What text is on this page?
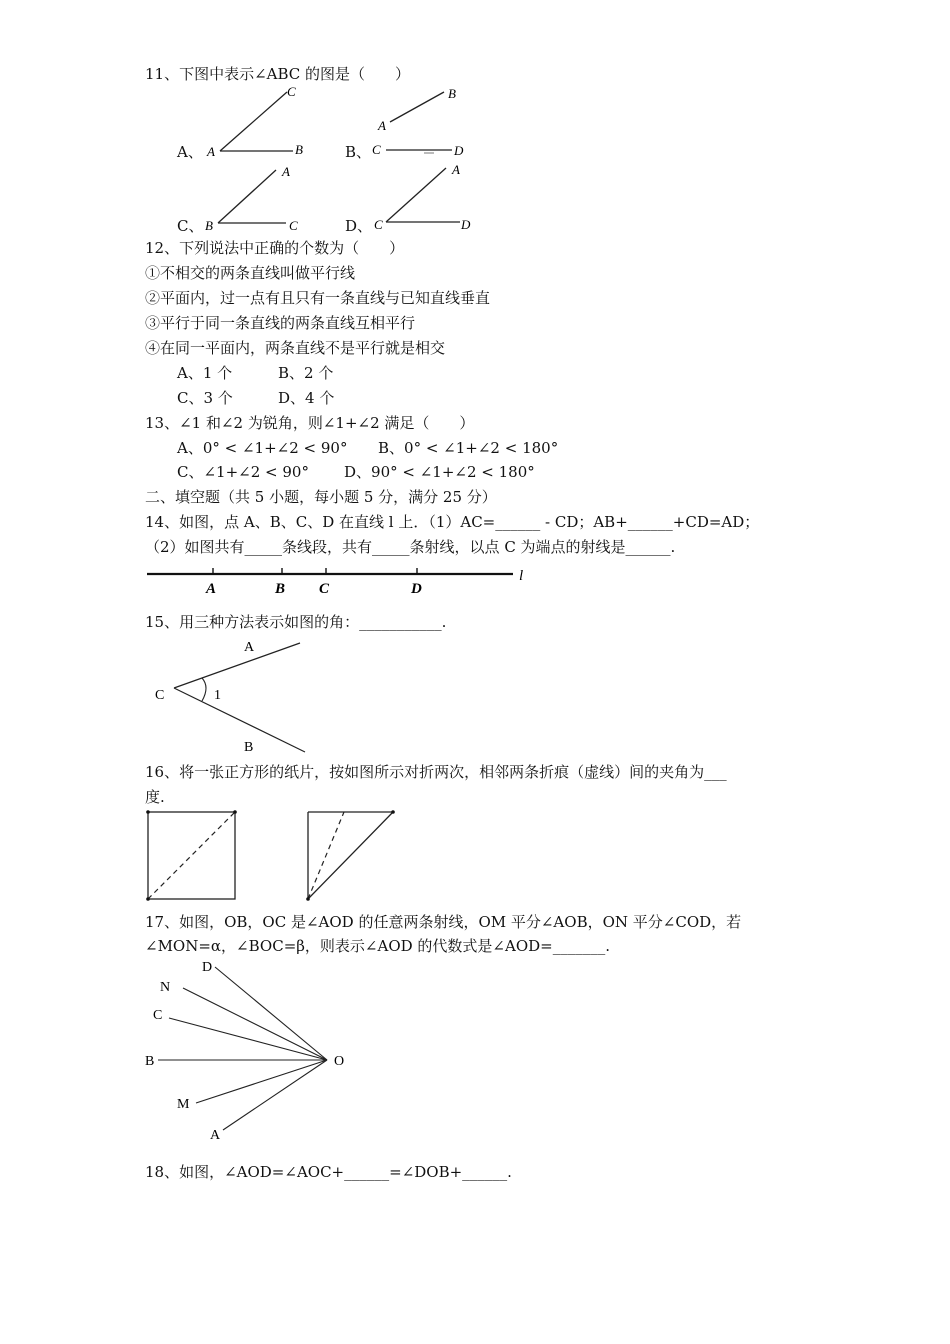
11、下图中表示∠ABC 的图是（　　）
A、 A
C
B	B、
A
B
C	D
C、 B
A
C	D、 C
A
D
12、下列说法中正确的个数为（　　）
①不相交的两条直线叫做平行线
②平面内，过一点有且只有一条直线与已知直线垂直
③平行于同一条直线的两条直线互相平行
④在同一平面内，两条直线不是平行就是相交
A、1 个	B、2 个
C、3 个	D、4 个
13、∠1 和∠2 为锐角，则∠1+∠2 满足（　　）
A、0° < ∠1+∠2 < 90° B、0° < ∠1+∠2 < 180°
C、∠1+∠2 < 90° D、90° < ∠1+∠2 < 180°
二、填空题（共 5 小题，每小题 5 分，满分 25 分）
14、如图，点 A、B、C、D 在直线 l 上．（1）AC=______ - CD；AB+______+CD=AD；
（2）如图共有_____条线段，共有_____条射线，以点 C 为端点的射线是______.
A	B C	D
l
15、用三种方法表示如图的角：___________.
C
A
B
1
16、将一张正方形的纸片，按如图所示对折两次，相邻两条折痕（虚线）间的夹角为___
度.
17、如图，OB，OC 是∠AOD 的任意两条射线，OM 平分∠AOB，ON 平分∠COD，若
∠MON=α，∠BOC=β，则表示∠AOD 的代数式是∠AOD=_______.
D
N
C
B
M
A
O
18、如图，∠AOD=∠AOC+______=∠DOB+______.
